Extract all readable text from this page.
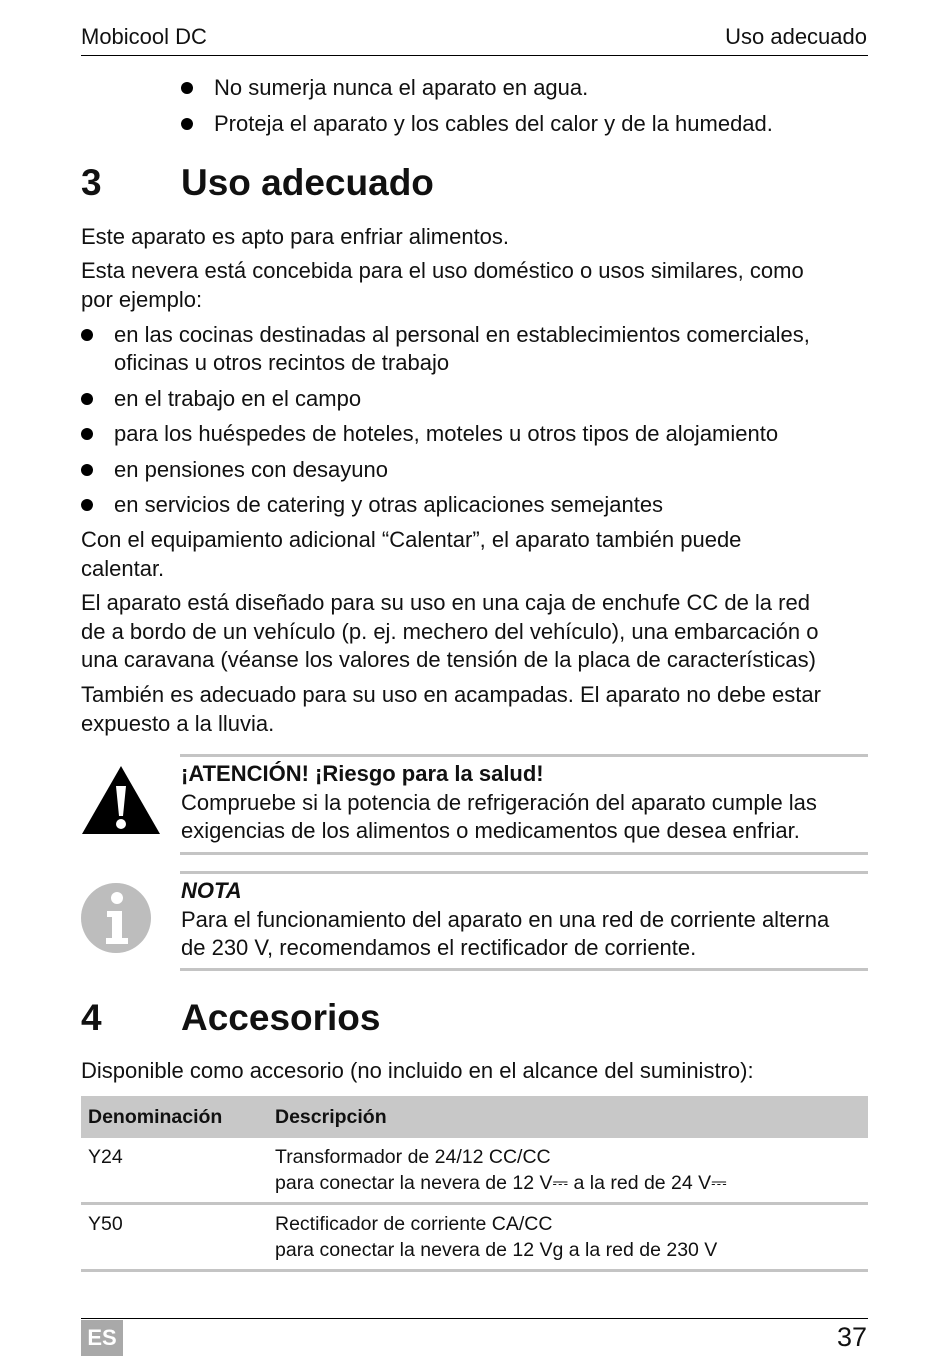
Mobicool DC	Uso adecuado
No sumerja nunca el aparato en agua.
Proteja el aparato y los cables del calor y de la humedad.
3 Uso adecuado
Este aparato es apto para enfriar alimentos.
Esta nevera está concebida para el uso doméstico o usos similares, como
por ejemplo:
en las cocinas destinadas al personal en establecimientos comerciales,
oficinas u otros recintos de trabajo
en el trabajo en el campo
para los huéspedes de hoteles, moteles u otros tipos de alojamiento
en pensiones con desayuno
en servicios de catering y otras aplicaciones semejantes
Con el equipamiento adicional “Calentar”, el aparato también puede
calentar.
El aparato está diseñado para su uso en una caja de enchufe CC de la red
de a bordo de un vehículo (p. ej. mechero del vehículo), una embarcación o
una caravana (véanse los valores de tensión de la placa de características)
También es adecuado para su uso en acampadas. El aparato no debe estar
expuesto a la lluvia.
¡ATENCIÓN! ¡Riesgo para la salud!
Compruebe si la potencia de refrigeración del aparato cumple las
exigencias de los alimentos o medicamentos que desea enfriar.
NOTA
Para el funcionamiento del aparato en una red de corriente alterna
de 230 V, recomendamos el rectificador de corriente.
4 Accesorios
Disponible como accesorio (no incluido en el alcance del suministro):
Denominación	Descripción
Y24	Transformador de 24/12 CC/CC
para conectar la nevera de 12 V⎓ a la red de 24 V⎓

Y50	Rectificador de corriente CA/CC
para conectar la nevera de 12 Vg a la red de 230 V
ES	37
